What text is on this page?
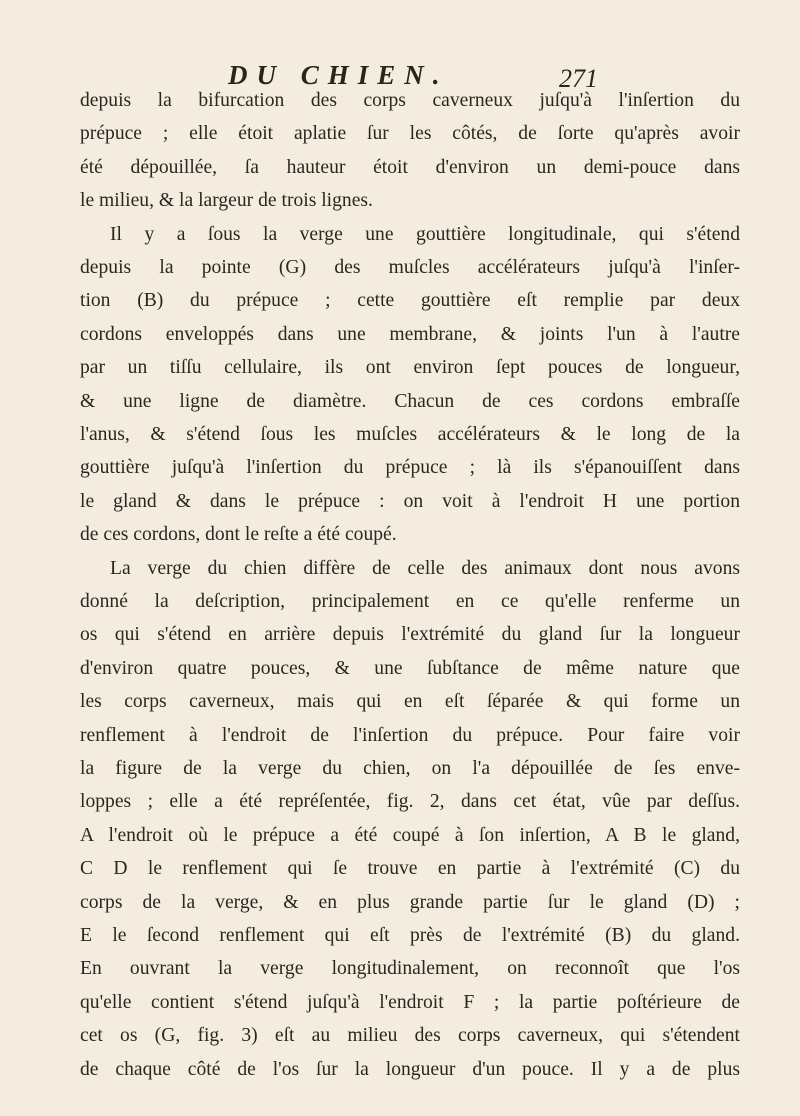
DU CHIEN.	271
depuis la bifurcation des corps caverneux juſqu'à l'inſertion du
prépuce ; elle étoit aplatie ſur les côtés, de ſorte qu'après avoir
été dépouillée, ſa hauteur étoit d'environ un demi-pouce dans
le milieu, & la largeur de trois lignes.
Il y a ſous la verge une gouttière longitudinale, qui s'étend
depuis la pointe (G) des muſcles accélérateurs juſqu'à l'inſer-
tion (B) du prépuce ; cette gouttière eſt remplie par deux
cordons enveloppés dans une membrane, & joints l'un à l'autre
par un tiſſu cellulaire, ils ont environ ſept pouces de longueur,
& une ligne de diamètre. Chacun de ces cordons embraſſe
l'anus, & s'étend ſous les muſcles accélérateurs & le long de la
gouttière juſqu'à l'inſertion du prépuce ; là ils s'épanouiſſent dans
le gland & dans le prépuce : on voit à l'endroit H une portion
de ces cordons, dont le reſte a été coupé.
La verge du chien diffère de celle des animaux dont nous avons
donné la deſcription, principalement en ce qu'elle renferme un
os qui s'étend en arrière depuis l'extrémité du gland ſur la longueur
d'environ quatre pouces, & une ſubſtance de même nature que
les corps caverneux, mais qui en eſt ſéparée & qui forme un
renflement à l'endroit de l'inſertion du prépuce. Pour faire voir
la figure de la verge du chien, on l'a dépouillée de ſes enve-
loppes ; elle a été repréſentée, fig. 2, dans cet état, vûe par deſſus.
A l'endroit où le prépuce a été coupé à ſon inſertion, A B le gland,
C D le renflement qui ſe trouve en partie à l'extrémité (C) du
corps de la verge, & en plus grande partie ſur le gland (D) ;
E le ſecond renflement qui eſt près de l'extrémité (B) du gland.
En ouvrant la verge longitudinalement, on reconnoît que l'os
qu'elle contient s'étend juſqu'à l'endroit F ; la partie poſtérieure de
cet os (G, fig. 3) eſt au milieu des corps caverneux, qui s'étendent
de chaque côté de l'os ſur la longueur d'un pouce. Il y a de plus
